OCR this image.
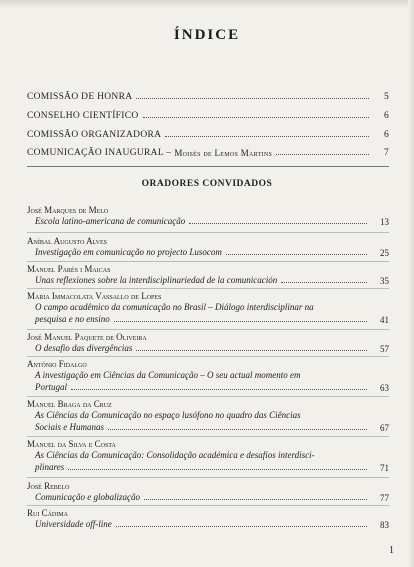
ÍNDICE
COMISSÃO DE HONRA	5
CONSELHO CIENTÍFICO	6
COMISSÃO ORGANIZADORA	6
COMUNICAÇÃO INAUGURAL – Moisés de Lemos Martins	7
ORADORES CONVIDADOS
José Marques de Melo
Escola latino-americana de comunicação	13
Aníbal Augusto Alves
Investigação em comunicação no projecto Lusocom	25
Manuel Parés i Maicas
Unas reflexiones sobre la interdisciplinariedad de la comunicación	35
Maria Immacolata Vassallo de Lopes
O campo acadêmico da comunicação no Brasil – Diálogo interdisciplinar na
pesquisa e no ensino	41
José Manuel Paquete de Oliveira
O desafio das divergências	57
António Fidalgo
A investigação em Ciências da Comunicação – O seu actual momento em
Portugal	63
Manuel Braga da Cruz
As Ciências da Comunicação no espaço lusófono no quadro das Ciências
Sociais e Humanas	67
Manuel da Silva e Costa
As Ciências da Comunicação: Consolidação académica e desafios interdisci-
plinares	71
José Rebelo
Comunicação e globalização	77
Rui Cádima
Universidade off-line	83
1
